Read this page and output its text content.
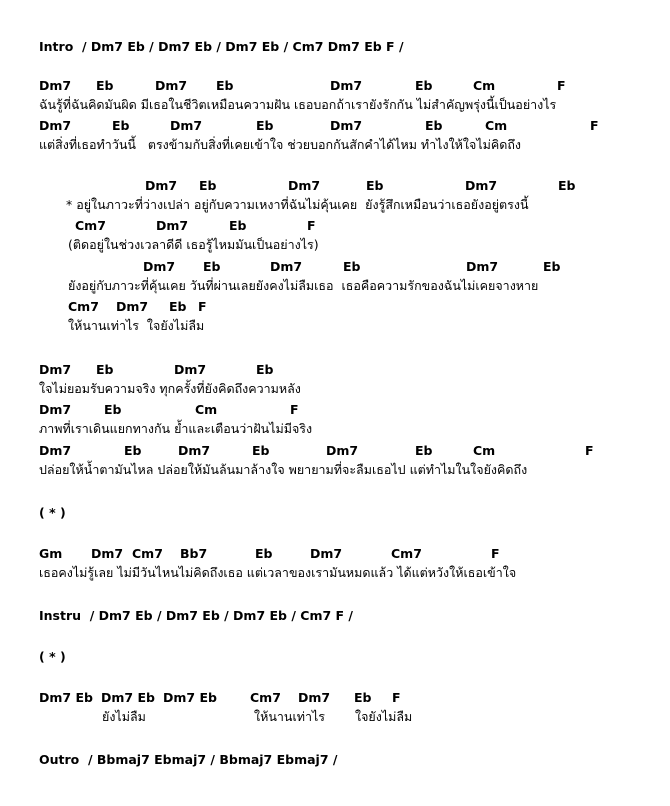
Intro  / Dm7 Eb / Dm7 Eb / Dm7 Eb / Cm7 Dm7 Eb F /
Dm7 Eb	Dm7 Eb	Dm7	Eb	Cm	F
ฉันรู้ที่ฉันคิดมันผิด มีเธอในชีวิตเหมือนความฝัน เธอบอกถ้าเรายังรักกัน ไม่สำคัญพรุ่งนี้เป็นอย่างไร
Dm7	Eb	Dm7	Eb	Dm7	Eb	Cm	F
แต่สิ่งที่เธอทำวันนี้   ตรงข้ามกับสิ่งที่เคยเข้าใจ ช่วยบอกกันสักคำได้ไหม ทำไงให้ใจไม่คิดถึง
Dm7 Eb	Dm7	Eb	Dm7	Eb
* อยู่ในภาวะที่ว่างเปล่า อยู่กับความเหงาที่ฉันไม่คุ้นเคย  ยังรู้สึกเหมือนว่าเธอยังอยู่ตรงนี้
Cm7	Dm7	Eb	F
(ติดอยู่ในช่วงเวลาดีดี เธอรู้ไหมมันเป็นอย่างไร)
Dm7 Eb	Dm7	Eb	Dm7	Eb
ยังอยู่กับภาวะที่คุ้นเคย วันที่ผ่านเลยยังคงไม่ลืมเธอ  เธอคือความรักของฉันไม่เคยจางหาย
Cm7 Dm7 Eb F
ให้นานเท่าไร  ใจยังไม่ลืม
Dm7 Eb	Dm7	Eb
ใจไม่ยอมรับความจริง ทุกครั้งที่ยังคิดถึงความหลัง
Dm7	Eb	Cm	F
ภาพที่เราเดินแยกทางกัน ย้ำและเตือนว่าฝันไม่มีจริง
Dm7	Eb	Dm7	Eb	Dm7	Eb	Cm	F
ปล่อยให้น้ำตามันไหล ปล่อยให้มันล้นมาล้างใจ พยายามที่จะลืมเธอไป แต่ทำไมในใจยังคิดถึง
( * )
Gm Dm7 Cm7 Bb7	Eb	Dm7	Cm7	F
เธอคงไม่รู้เลย ไม่มีวันไหนไม่คิดถึงเธอ แต่เวลาของเรามันหมดแล้ว ได้แต่หวังให้เธอเข้าใจ
Instru  / Dm7 Eb / Dm7 Eb / Dm7 Eb / Cm7 F /
( * )
Dm7 Eb Dm7 Eb Dm7 Eb	Cm7 Dm7 Eb F
ยังไม่ลืม	ให้นานเท่าไร ใจยังไม่ลืม
Outro  / Bbmaj7 Ebmaj7 / Bbmaj7 Ebmaj7 /
